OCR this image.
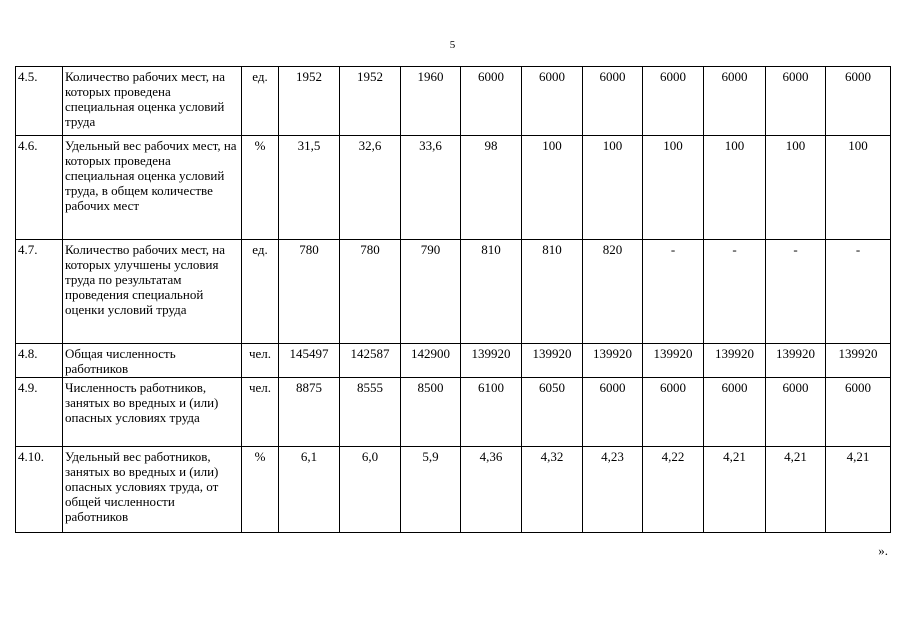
5
4.5.	Количество рабочих мест, на которых проведена специальная оценка условий труда	ед.	1952	1952	1960	6000	6000	6000	6000	6000	6000	6000
4.6.	Удельный вес рабочих мест, на которых проведена специальная оценка условий труда, в общем количестве рабочих мест	%	31,5	32,6	33,6	98	100	100	100	100	100	100
4.7.	Количество рабочих мест, на которых улучшены условия труда по результатам проведения специальной оценки условий труда	ед.	780	780	790	810	810	820	-	-	-	-
4.8.	Общая численность работников	чел.	145497	142587	142900	139920	139920	139920	139920	139920	139920	139920
4.9.	Численность работников, занятых во вредных и (или) опасных условиях труда	чел.	8875	8555	8500	6100	6050	6000	6000	6000	6000	6000
4.10.	Удельный вес работников, занятых во вредных и (или) опасных условиях труда, от общей численности работников	%	6,1	6,0	5,9	4,36	4,32	4,23	4,22	4,21	4,21	4,21
».
